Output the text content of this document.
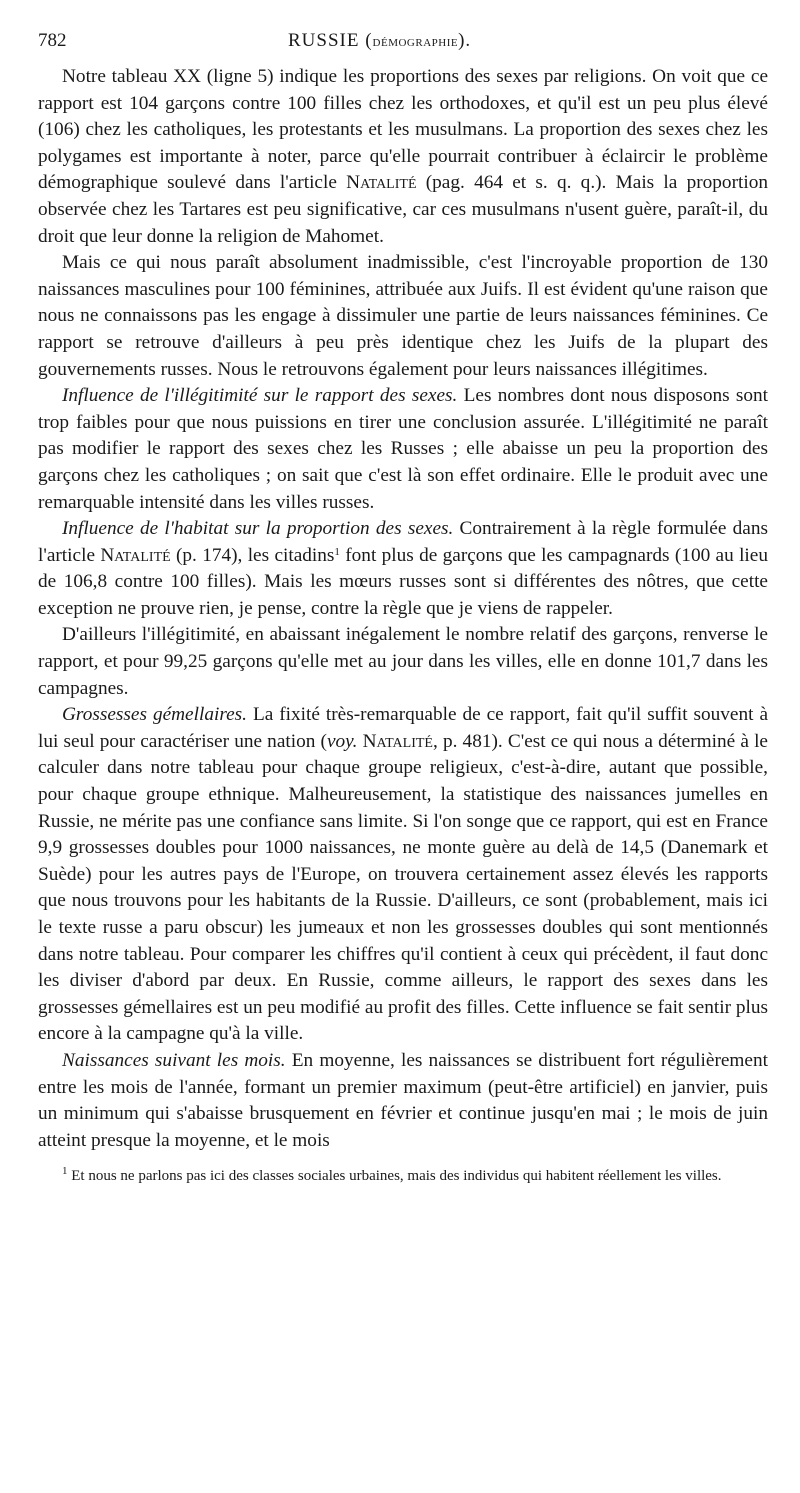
782	RUSSIE (démographie).

Notre tableau XX (ligne 5) indique les proportions des sexes par religions. On voit que ce rapport est 104 garçons contre 100 filles chez les orthodoxes, et qu'il est un peu plus élevé (106) chez les catholiques, les protestants et les musulmans. La proportion des sexes chez les polygames est importante à noter, parce qu'elle pourrait contribuer à éclaircir le problème démographique soulevé dans l'article Natalité (pag. 464 et s. q. q.). Mais la proportion observée chez les Tartares est peu significative, car ces musulmans n'usent guère, paraît-il, du droit que leur donne la religion de Mahomet.

Mais ce qui nous paraît absolument inadmissible, c'est l'incroyable proportion de 130 naissances masculines pour 100 féminines, attribuée aux Juifs. Il est évident qu'une raison que nous ne connaissons pas les engage à dissimuler une partie de leurs naissances féminines. Ce rapport se retrouve d'ailleurs à peu près identique chez les Juifs de la plupart des gouvernements russes. Nous le retrouvons également pour leurs naissances illégitimes.

Influence de l'illégitimité sur le rapport des sexes. Les nombres dont nous disposons sont trop faibles pour que nous puissions en tirer une conclusion assurée. L'illégitimité ne paraît pas modifier le rapport des sexes chez les Russes ; elle abaisse un peu la proportion des garçons chez les catholiques ; on sait que c'est là son effet ordinaire. Elle le produit avec une remarquable intensité dans les villes russes.

Influence de l'habitat sur la proportion des sexes. Contrairement à la règle formulée dans l'article Natalité (p. 174), les citadins$^1$ font plus de garçons que les campagnards (100 au lieu de 106,8 contre 100 filles). Mais les mœurs russes sont si différentes des nôtres, que cette exception ne prouve rien, je pense, contre la règle que je viens de rappeler.

D'ailleurs l'illégitimité, en abaissant inégalement le nombre relatif des garçons, renverse le rapport, et pour 99,25 garçons qu'elle met au jour dans les villes, elle en donne 101,7 dans les campagnes.

Grossesses gémellaires. La fixité très-remarquable de ce rapport, fait qu'il suffit souvent à lui seul pour caractériser une nation (voy. Natalité, p. 481). C'est ce qui nous a déterminé à le calculer dans notre tableau pour chaque groupe religieux, c'est-à-dire, autant que possible, pour chaque groupe ethnique. Malheureusement, la statistique des naissances jumelles en Russie, ne mérite pas une confiance sans limite. Si l'on songe que ce rapport, qui est en France 9,9 grossesses doubles pour 1000 naissances, ne monte guère au delà de 14,5 (Danemark et Suède) pour les autres pays de l'Europe, on trouvera certainement assez élevés les rapports que nous trouvons pour les habitants de la Russie. D'ailleurs, ce sont (probablement, mais ici le texte russe a paru obscur) les jumeaux et non les grossesses doubles qui sont mentionnés dans notre tableau. Pour comparer les chiffres qu'il contient à ceux qui précèdent, il faut donc les diviser d'abord par deux. En Russie, comme ailleurs, le rapport des sexes dans les grossesses gémellaires est un peu modifié au profit des filles. Cette influence se fait sentir plus encore à la campagne qu'à la ville.

Naissances suivant les mois. En moyenne, les naissances se distribuent fort régulièrement entre les mois de l'année, formant un premier maximum (peut-être artificiel) en janvier, puis un minimum qui s'abaisse brusquement en février et continue jusqu'en mai ; le mois de juin atteint presque la moyenne, et le mois

$^1$ Et nous ne parlons pas ici des classes sociales urbaines, mais des individus qui habitent réellement les villes.
